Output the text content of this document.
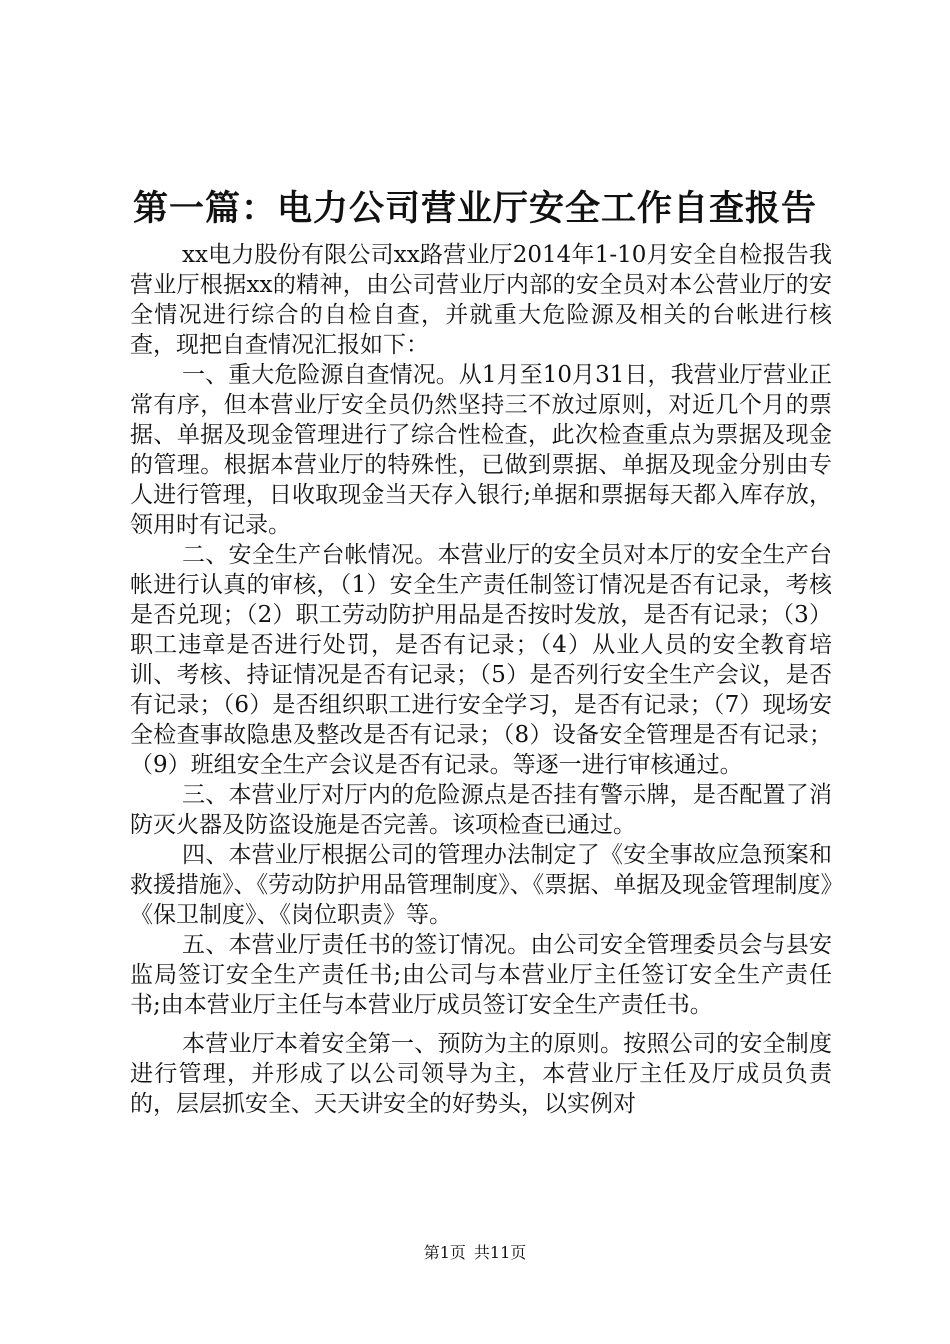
第一篇：电力公司营业厅安全工作自查报告

xx电力股份有限公司xx路营业厅2014年1-10月安全自检报告我营业厅根据xx的精神，由公司营业厅内部的安全员对本公营业厅的安全情况进行综合的自检自查，并就重大危险源及相关的台帐进行核查，现把自查情况汇报如下：

一、重大危险源自查情况。从1月至10月31日，我营业厅营业正常有序，但本营业厅安全员仍然坚持三不放过原则，对近几个月的票据、单据及现金管理进行了综合性检查，此次检查重点为票据及现金的管理。根据本营业厅的特殊性，已做到票据、单据及现金分别由专人进行管理，日收取现金当天存入银行;单据和票据每天都入库存放，领用时有记录。

二、安全生产台帐情况。本营业厅的安全员对本厅的安全生产台帐进行认真的审核，（1）安全生产责任制签订情况是否有记录，考核是否兑现；（2）职工劳动防护用品是否按时发放，是否有记录；（3）职工违章是否进行处罚，是否有记录；（4）从业人员的安全教育培训、考核、持证情况是否有记录；（5）是否列行安全生产会议，是否有记录；（6）是否组织职工进行安全学习，是否有记录；（7）现场安全检查事故隐患及整改是否有记录；（8）设备安全管理是否有记录；（9）班组安全生产会议是否有记录。等逐一进行审核通过。

三、本营业厅对厅内的危险源点是否挂有警示牌，是否配置了消防灭火器及防盗设施是否完善。该项检查已通过。

四、本营业厅根据公司的管理办法制定了《安全事故应急预案和救援措施》、《劳动防护用品管理制度》、《票据、单据及现金管理制度》《保卫制度》、《岗位职责》等。

五、本营业厅责任书的签订情况。由公司安全管理委员会与县安监局签订安全生产责任书;由公司与本营业厅主任签订安全生产责任书;由本营业厅主任与本营业厅成员签订安全生产责任书。

本营业厅本着安全第一、预防为主的原则。按照公司的安全制度进行管理，并形成了以公司领导为主，本营业厅主任及厅成员负责的，层层抓安全、天天讲安全的好势头，以实例对

第1页 共11页
